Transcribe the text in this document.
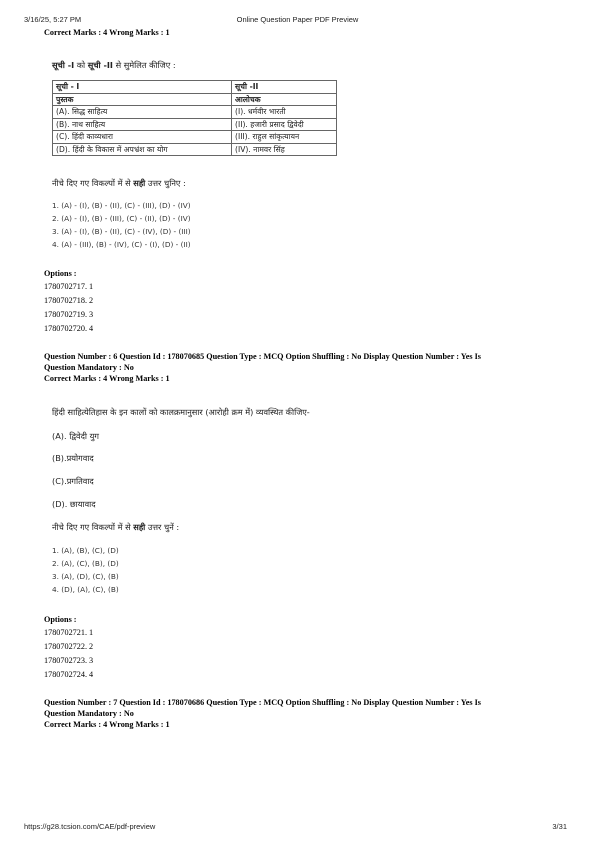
3/16/25, 5:27 PM	Online Question Paper PDF Preview
Correct Marks : 4 Wrong Marks : 1
सूची -I को सूची -II से सुमेलित कीजिए :
सूची - I	सूची -II
पुस्तक	आलोचक
(A). सिद्ध साहित्य	(I). धर्मवीर भारती
(B). नाथ साहित्य	(II). हजारी प्रसाद द्विवेदी
(C). हिंदी काव्यधारा	(III). राहुल सांकृत्यायन
(D). हिंदी के विकास में अपभ्रंश का योग	(IV). नामवर सिंह
नीचे दिए गए विकल्पों में से सही उत्तर चुनिए :
1. (A) - (I), (B) - (II), (C) - (III), (D) - (IV)
2. (A) - (I), (B) - (III), (C) - (II), (D) - (IV)
3. (A) - (I), (B) - (II), (C) - (IV), (D) - (III)
4. (A) - (III), (B) - (IV), (C) - (I), (D) - (II)
Options :
1780702717. 1
1780702718. 2
1780702719. 3
1780702720. 4
Question Number : 6 Question Id : 178070685 Question Type : MCQ Option Shuffling : No Display Question Number : Yes Is
Question Mandatory : No
Correct Marks : 4 Wrong Marks : 1
हिंदी साहित्येतिहास के इन कालों को कालक्रमानुसार (आरोही क्रम में) व्यवस्थित कीजिए-
(A). द्विवेदी युग
(B).प्रयोगवाद
(C).प्रगतिवाद
(D). छायावाद
नीचे दिए गए विकल्पों में से सही उत्तर चुनें :
1. (A), (B), (C), (D)
2. (A), (C), (B), (D)
3. (A), (D), (C), (B)
4. (D), (A), (C), (B)
Options :
1780702721. 1
1780702722. 2
1780702723. 3
1780702724. 4
Question Number : 7 Question Id : 178070686 Question Type : MCQ Option Shuffling : No Display Question Number : Yes Is
Question Mandatory : No
Correct Marks : 4 Wrong Marks : 1
https://g28.tcsion.com/CAE/pdf-preview	3/31
